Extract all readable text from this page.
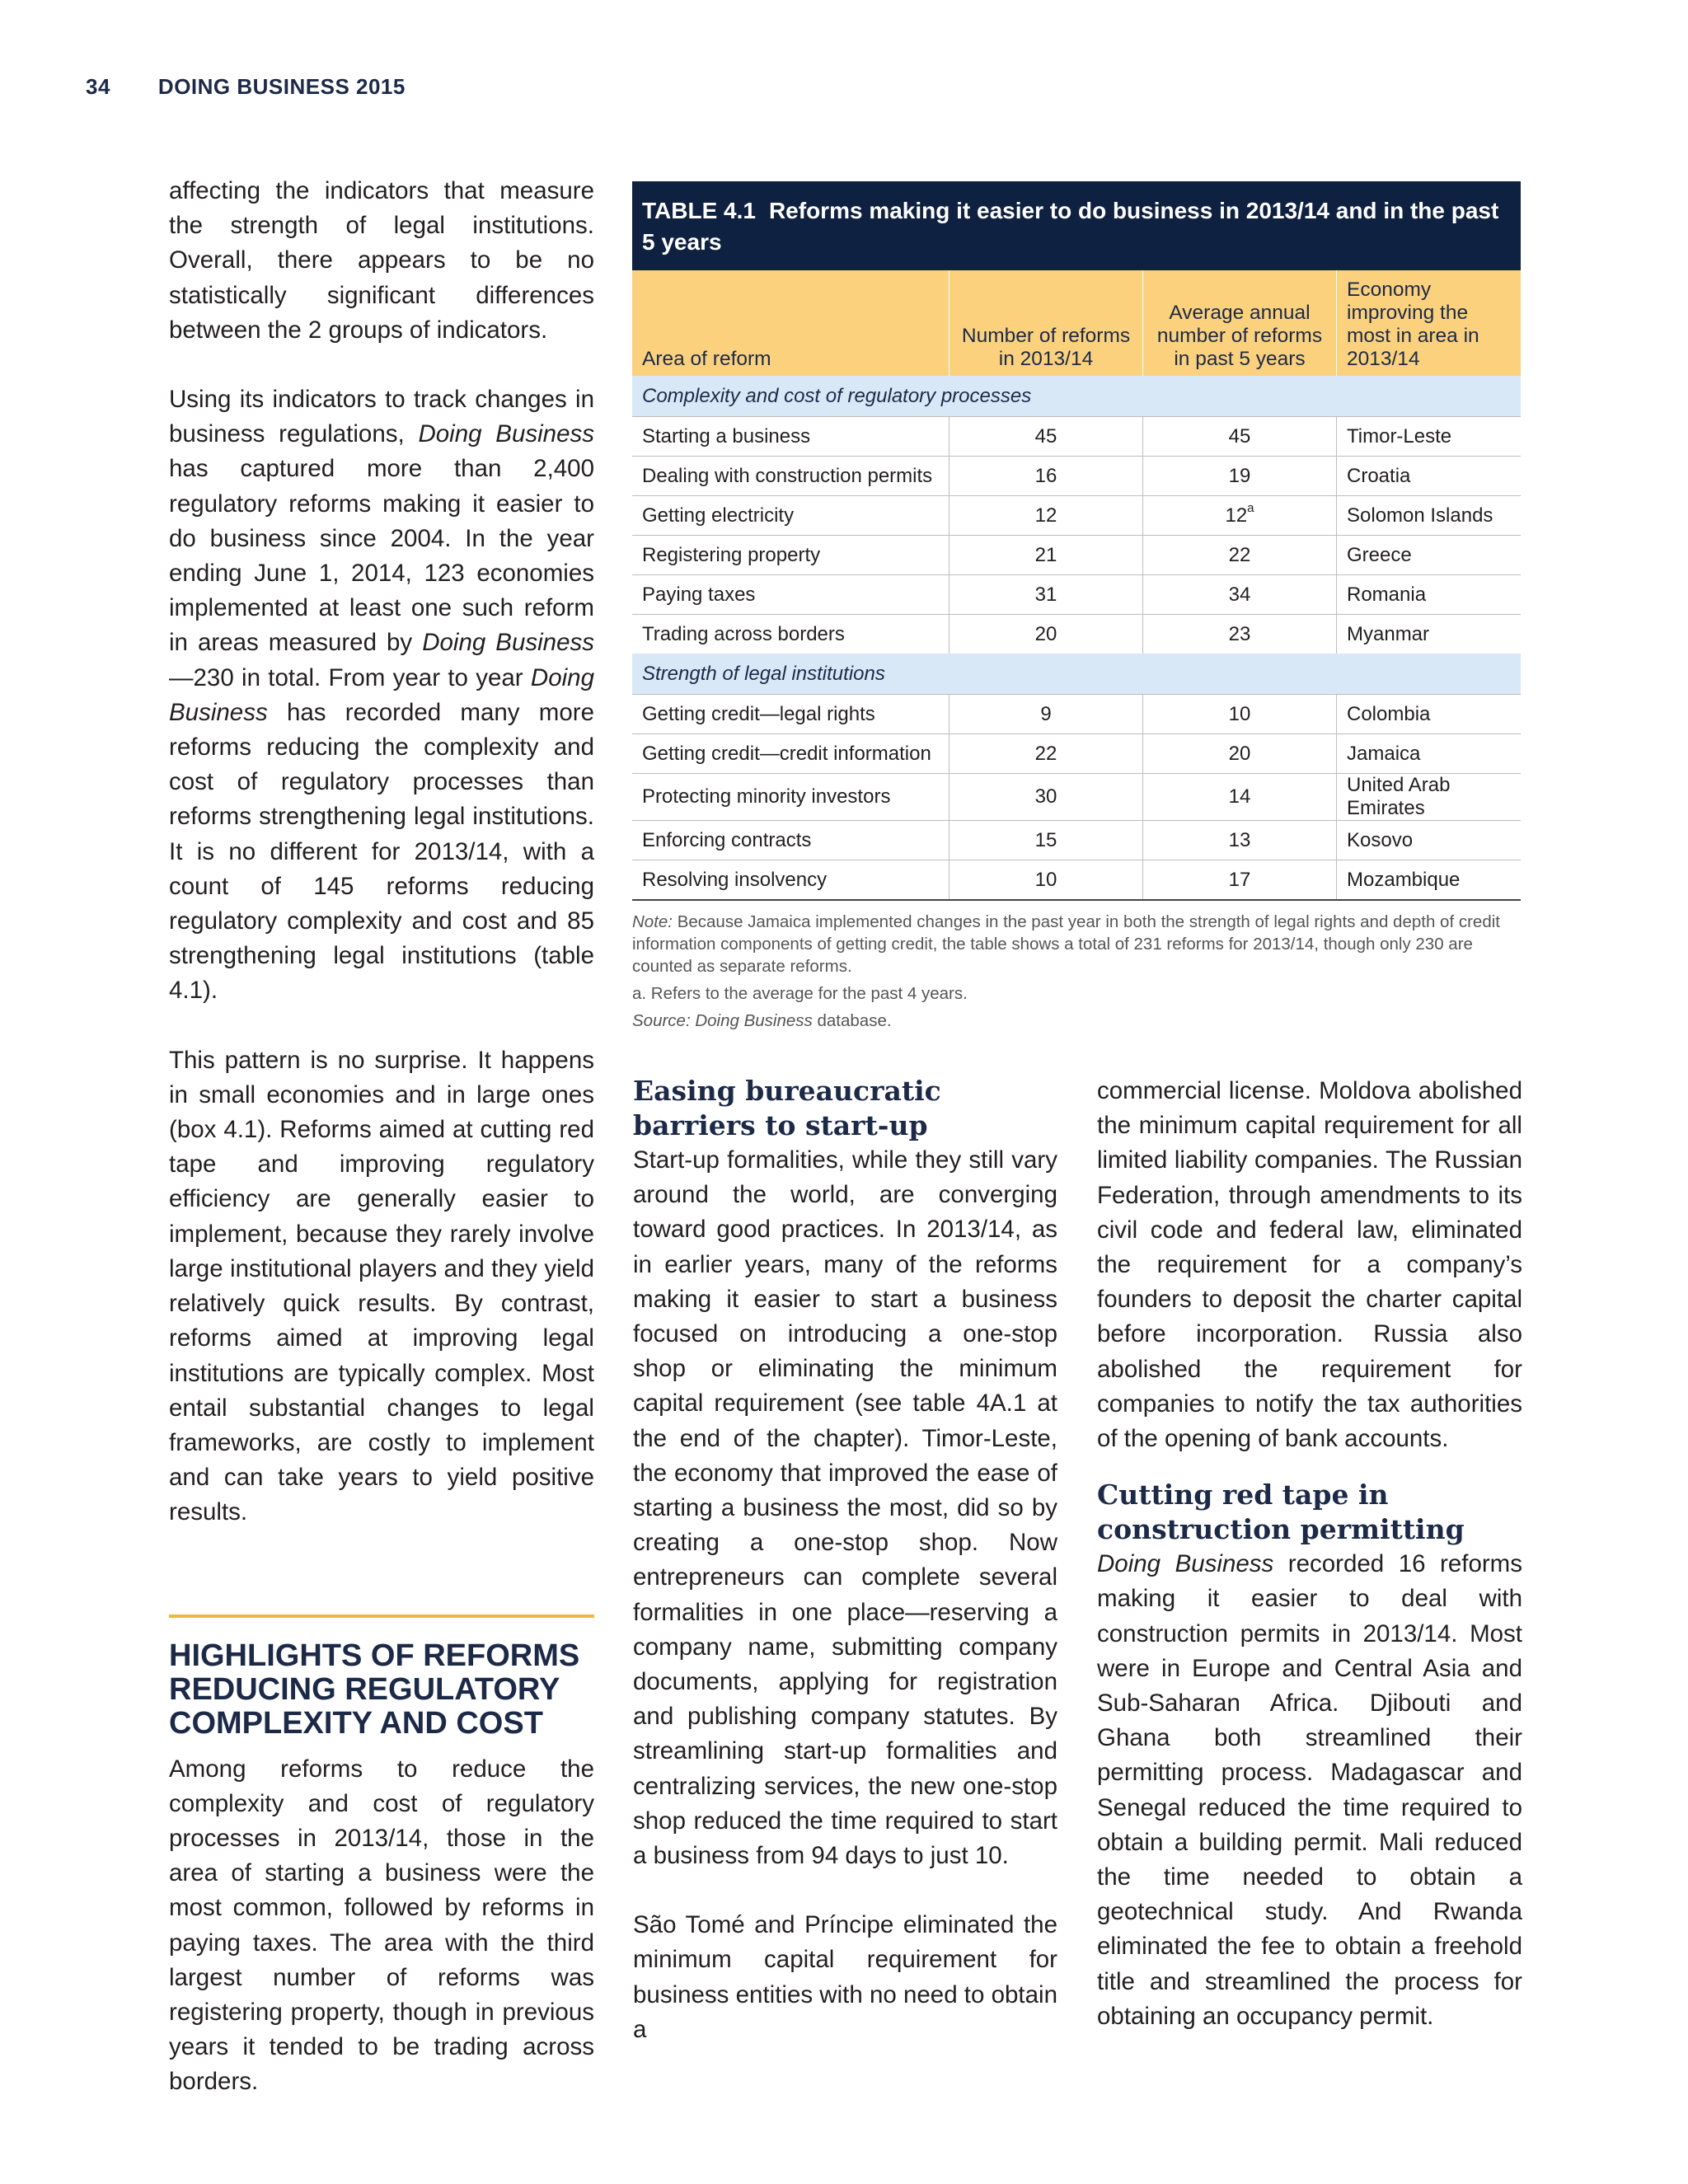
34 DOING BUSINESS 2015

affecting the indicators that measure the strength of legal institutions. Overall, there appears to be no statistically significant differences between the 2 groups of indicators.

Using its indicators to track changes in business regulations, Doing Business has captured more than 2,400 regulatory reforms making it easier to do business since 2004. In the year ending June 1, 2014, 123 economies implemented at least one such reform in areas measured by Doing Business—230 in total. From year to year Doing Business has recorded many more reforms reducing the complexity and cost of regulatory processes than reforms strengthening legal institutions. It is no different for 2013/14, with a count of 145 reforms reducing regulatory complexity and cost and 85 strengthening legal institutions (table 4.1).

This pattern is no surprise. It happens in small economies and in large ones (box 4.1). Reforms aimed at cutting red tape and improving regulatory efficiency are generally easier to implement, because they rarely involve large institutional players and they yield relatively quick results. By contrast, reforms aimed at improving legal institutions are typically complex. Most entail substantial changes to legal frameworks, are costly to implement and can take years to yield positive results.

HIGHLIGHTS OF REFORMS
REDUCING REGULATORY
COMPLEXITY AND COST

Among reforms to reduce the complexity and cost of regulatory processes in 2013/14, those in the area of starting a business were the most common, followed by reforms in paying taxes. The area with the third largest number of reforms was registering property, though in previous years it tended to be trading across borders.

TABLE 4.1 Reforms making it easier to do business in 2013/14 and in the past 5 years
Area of reform	Number of reforms in 2013/14	Average annual number of reforms in past 5 years	Economy improving the most in area in 2013/14
Complexity and cost of regulatory processes			
Starting a business	45	45	Timor-Leste
Dealing with construction permits	16	19	Croatia
Getting electricity	12	12$^a$	Solomon Islands
Registering property	21	22	Greece
Paying taxes	31	34	Romania
Trading across borders	20	23	Myanmar
Strength of legal institutions			
Getting credit—legal rights	9	10	Colombia
Getting credit—credit information	22	20	Jamaica
Protecting minority investors	30	14	United Arab Emirates
Enforcing contracts	15	13	Kosovo
Resolving insolvency	10	17	Mozambique

Note: Because Jamaica implemented changes in the past year in both the strength of legal rights and depth of credit information components of getting credit, the table shows a total of 231 reforms for 2013/14, though only 230 are counted as separate reforms.

a. Refers to the average for the past 4 years.

Source: Doing Business database.

Easing bureaucratic barriers to start-up

Start-up formalities, while they still vary around the world, are converging toward good practices. In 2013/14, as in earlier years, many of the reforms making it easier to start a business focused on introducing a one-stop shop or eliminating the minimum capital requirement (see table 4A.1 at the end of the chapter). Timor-Leste, the economy that improved the ease of starting a business the most, did so by creating a one-stop shop. Now entrepreneurs can complete several formalities in one place—reserving a company name, submitting company documents, applying for registration and publishing company statutes. By streamlining start-up formalities and centralizing services, the new one-stop shop reduced the time required to start a business from 94 days to just 10.

São Tomé and Príncipe eliminated the minimum capital requirement for business entities with no need to obtain a

commercial license. Moldova abolished the minimum capital requirement for all limited liability companies. The Russian Federation, through amendments to its civil code and federal law, eliminated the requirement for a company’s founders to deposit the charter capital before incorporation. Russia also abolished the requirement for companies to notify the tax authorities of the opening of bank accounts.

Cutting red tape in construction permitting

Doing Business recorded 16 reforms making it easier to deal with construction permits in 2013/14. Most were in Europe and Central Asia and Sub-Saharan Africa. Djibouti and Ghana both streamlined their permitting process. Madagascar and Senegal reduced the time required to obtain a building permit. Mali reduced the time needed to obtain a geotechnical study. And Rwanda eliminated the fee to obtain a freehold title and streamlined the process for obtaining an occupancy permit.
